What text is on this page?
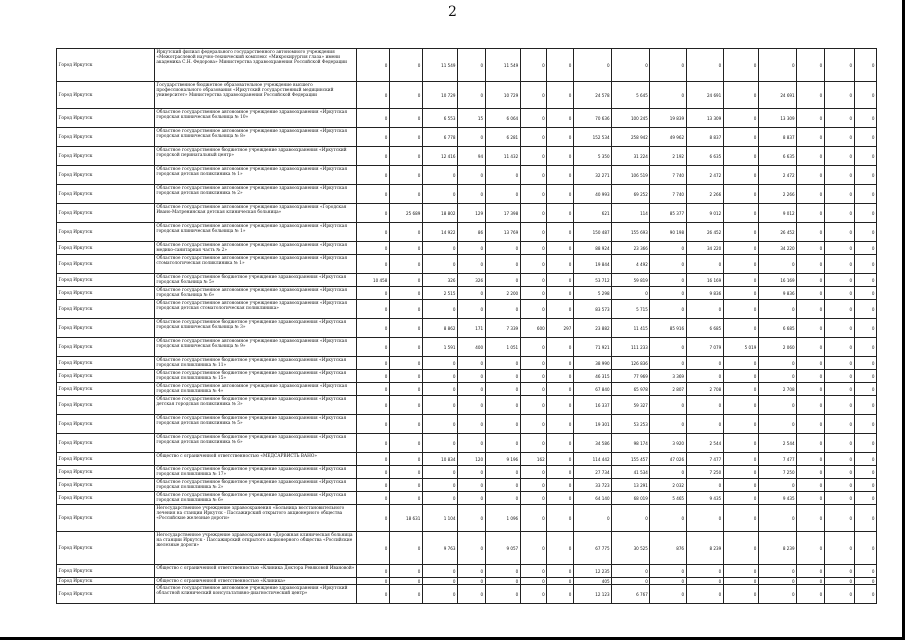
2
Город Иркутск	Иркутский филиал федерального государственного автономного учреждения «Межотраслевой научно-технический комплекс «Микрохирургия глаза» имени академика С.Н. Федорова» Министерства здравоохранения Российской Федерации	0	0	11 549	0	11 549	0	0	0	0	0	0	0	0	0	0	0
Город Иркутск	Государственное бюджетное образовательное учреждение высшего профессионального образования «Иркутский государственный медицинский университет» Министерства здравоохранения Российской Федерации	0	0	10 729	0	10 729	0	0	24 578	5 645	0	24 691	0	24 691	0	0	0
Город Иркутск	Областное государственное автономное учреждение здравоохранения «Иркутская городская клиническая больница № 10»	0	0	6 553	15	6 064	0	0	70 636	100 245	19 839	13 309	0	13 309	0	0	0
Город Иркутск	Областное государственное автономное учреждение здравоохранения «Иркутская городская клиническая больница № 8»	0	0	6 778	0	6 281	0	0	152 534	258 942	49 962	8 837	0	8 837	0	0	0
Город Иркутск	Областное государственное бюджетное учреждение здравоохранения «Иркутский городской перинатальный центр»	0	0	12 416	94	11 432	0	0	5 350	31 224	2 192	6 635	0	6 635	0	0	0
Город Иркутск	Областное государственное автономное учреждение здравоохранения «Иркутская городская детская поликлиника № 1»	0	0	0	0	0	0	0	32 271	106 519	7 740	2 472	0	2 472	0	0	0
Город Иркутск	Областное государственное автономное учреждение здравоохранения «Иркутская городская детская поликлиника № 2»	0	0	0	0	0	0	0	40 993	69 252	7 740	2 266	0	2 266	0	0	0
Город Иркутск	Областное государственное автономное учреждение здравоохранения «Городская Ивано-Матренинская детская клиническая больница»	0	25 689	18 802	129	17 398	0	0	621	114	85 377	9 012	0	9 012	0	0	0
Город Иркутск	Областное государственное автономное учреждение здравоохранения «Иркутская городская клиническая больница № 1»	0	0	14 922	86	13 769	0	0	150 487	155 693	90 198	26 452	0	26 452	0	0	0
Город Иркутск	Областное государственное автономное учреждение здравоохранения «Иркутская медико-санитарная часть № 2»	0	0	0	0	0	0	0	88 924	23 366	0	34 220	0	34 220	0	0	0
Город Иркутск	Областное государственное автономное учреждение здравоохранения «Иркутская стоматологическая поликлиника № 1»	0	0	0	0	0	0	0	19 844	4 492	0	0	0	0	0	0	0
Город Иркутск	Областное государственное бюджетное учреждение здравоохранения «Иркутская городская больница № 5»	10 458	0	326	326	0	0	0	53 712	59 819	0	16 169	0	16 169	0	0	0
Город Иркутск	Областное государственное автономное учреждение здравоохранения «Иркутская городская больница № 6»	0	0	2 515	0	2 200	0	0	5 298	0	0	9 836	0	9 836	0	0	0
Город Иркутск	Областное государственное автономное учреждение здравоохранения «Иркутская городская детская стоматологическая поликлиника»	0	0	0	0	0	0	0	83 573	5 715	0	0	0	0	0	0	0
Город Иркутск	Областное государственное бюджетное учреждение здравоохранения «Иркутская городская клиническая больница № 3»	0	0	8 862	171	7 339	600	297	23 882	11 415	85 916	6 685	0	6 685	0	0	0
Город Иркутск	Областное государственное автономное учреждение здравоохранения «Иркутская городская клиническая больница № 9»	0	0	1 591	400	1 051	0	0	71 921	111 233	0	7 079	5 019	2 060	0	0	0
Город Иркутск	Областное государственное бюджетное учреждение здравоохранения «Иркутская городская поликлиника № 11»	0	0	0	0	0	0	0	38 990	126 836	0	0	0	0	0	0	0
Город Иркутск	Областное государственное бюджетное учреждение здравоохранения «Иркутская городская поликлиника № 15»	0	0	0	0	0	0	0	46 315	77 969	3 369	0	0	0	0	0	0
Город Иркутск	Областное государственное автономное учреждение здравоохранения «Иркутская городская поликлиника № 4»	0	0	0	0	0	0	0	67 840	65 978	2 807	2 708	0	2 708	0	0	0
Город Иркутск	Областное государственное бюджетное учреждение здравоохранения «Иркутская детская городская поликлиника № 3»	0	0	0	0	0	0	0	16 337	59 327	0	0	0	0	0	0	0
Город Иркутск	Областное государственное бюджетное учреждение здравоохранения «Иркутская городская детская поликлиника № 5»	0	0	0	0	0	0	0	19 301	53 253	0	0	0	0	0	0	0
Город Иркутск	Областное государственное бюджетное учреждение здравоохранения «Иркутская городская детская поликлиника № 6»	0	0	0	0	0	0	0	34 586	98 174	3 920	2 544	0	2 544	0	0	0
Город Иркутск	Общество с ограниченной ответственностью «МЕДСАРВИСТЬ ВАНО»	0	0	10 834	120	9 196	162	0	114 442	155 457	47 026	7 477	0	7 477	0	0	0
Город Иркутск	Областное государственное бюджетное учреждение здравоохранения «Иркутская городская поликлиника № 17»	0	0	0	0	0	0	0	27 734	41 534	0	7 250	0	7 250	0	0	0
Город Иркутск	Областное государственное бюджетное учреждение здравоохранения «Иркутская городская поликлиника № 2»	0	0	0	0	0	0	0	33 723	13 291	2 032	0	0	0	0	0	0
Город Иркутск	Областное государственное бюджетное учреждение здравоохранения «Иркутская городская поликлиника № 6»	0	0	0	0	0	0	0	64 140	68 019	5 465	9 435	0	9 435	0	0	0
Город Иркутск	Негосударственное учреждение здравоохранения «Больница восстановительного лечения на станции Иркутск - Пассажирский открытого акционерного общества «Российские железные дороги»	0	18 631	1 104	0	1 096	0	0	0	0	0	0	0	0	0	0	0
Город Иркутск	Негосударственное учреждение здравоохранения «Дорожная клиническая больница на станции Иркутск - Пассажирский открытого акционерного общества «Российские железные дороги»	0	0	9 763	0	9 057	0	0	67 775	30 525	876	8 239	0	8 239	0	0	0
Город Иркутск	Общество с ограниченной ответственностью «Клиника Доктора Ревяковой Ивановой»	0	0	0	0	0	0	0	12 235	0	0	0	0	0	0	0	0
Город Иркутск	Общество с ограниченной ответственностью «Клиника»	0	0	0	0	0	0	0	405	0	0	0	0	0	0	0	0
Город Иркутск	Областное государственное автономное учреждение здравоохранения «Иркутский областной клинический консультативно-диагностический центр»	0	0	0	0	0	0	0	12 123	6 767	0	0	0	0	0	0	0
